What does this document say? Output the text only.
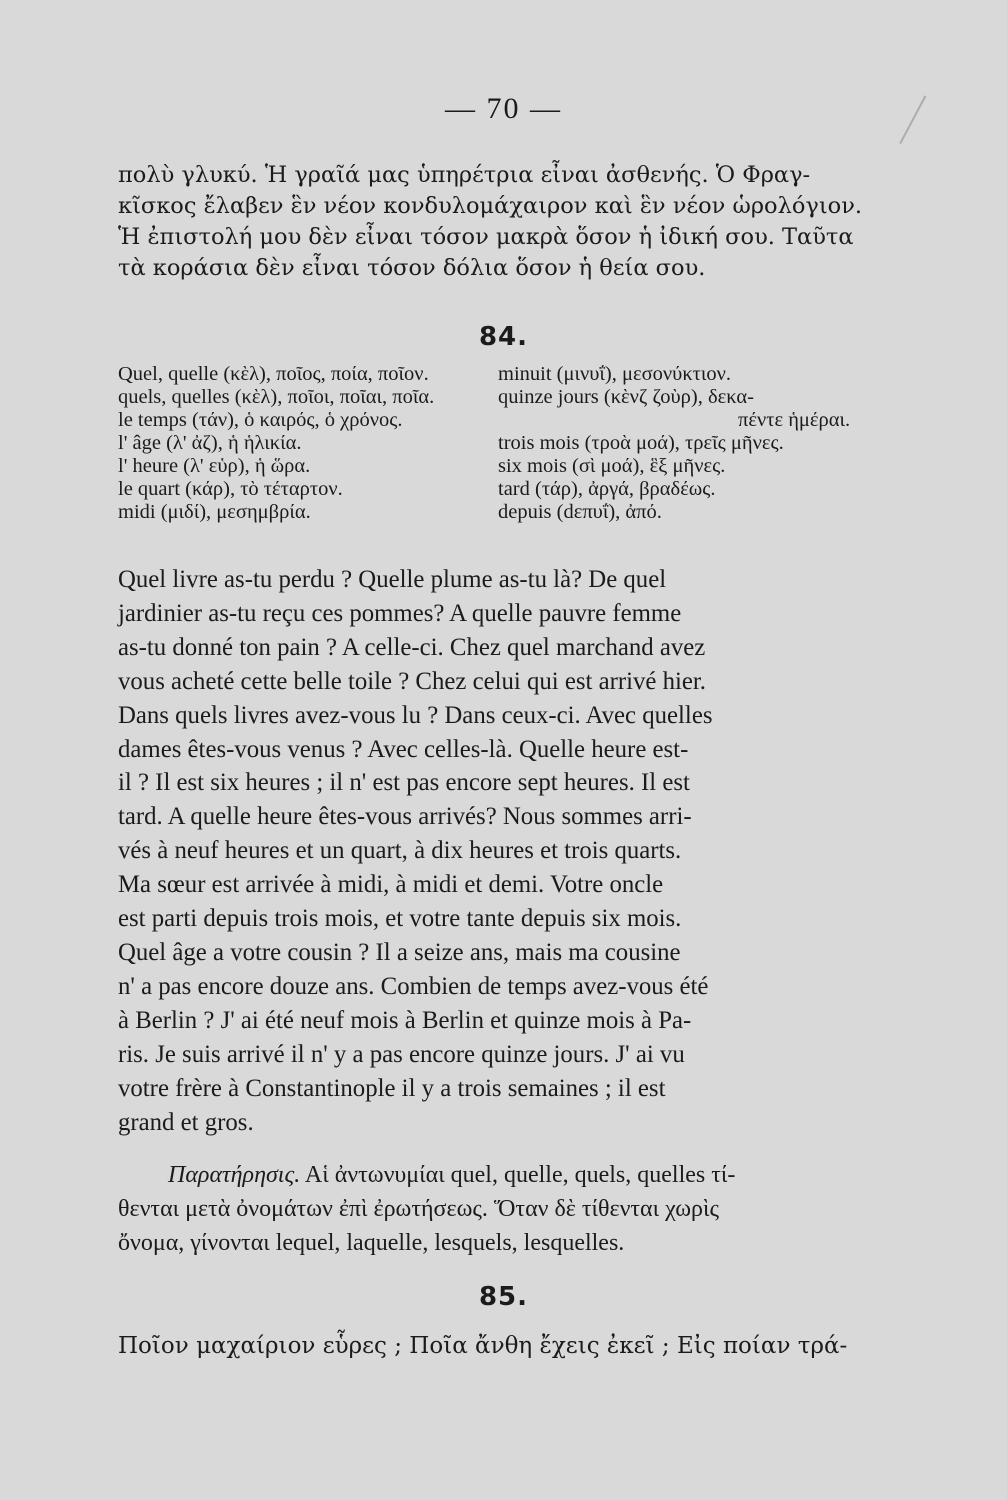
— 70 —
πολὺ γλυκύ. Ἡ γραῖά μας ὑπηρέτρια εἶναι ἀσθενής. Ὁ Φραγ-
κῖσκος ἔλαβεν ἓν νέον κονδυλομάχαιρον καὶ ἓν νέον ὡρολόγιον.
Ἡ ἐπιστολή μου δὲν εἶναι τόσον μακρὰ ὅσον ἡ ἰδική σου. Ταῦτα
τὰ κοράσια δὲν εἶναι τόσον δόλια ὅσον ἡ θεία σου.
84.
Quel, quelle (κὲλ), ποῖος, ποία, ποῖον.
quels, quelles (κὲλ), ποῖοι, ποῖαι, ποῖα.
le temps (τάν), ὁ καιρός, ὁ χρόνος.
l' âge (λ' ἀζ), ἡ ἡλικία.
l' heure (λ' εὑρ), ἡ ὥρα.
le quart (κάρ), τὸ τέταρτον.
midi (μιδί), μεσημβρία.
minuit (μινυΐ), μεσονύκτιον.
quinze jours (κὲνζ ζοὺρ), δεκα-
πέντε ἡμέραι.
trois mois (τροὰ μοά), τρεῖς μῆνες.
six mois (σὶ μοά), ἓξ μῆνες.
tard (τάρ), ἀργά, βραδέως.
depuis (dεπυΐ), ἀπό.
Quel livre as-tu perdu ? Quelle plume as-tu là? De quel
jardinier as-tu reçu ces pommes? A quelle pauvre femme
as-tu donné ton pain ? A celle-ci. Chez quel marchand avez
vous acheté cette belle toile ? Chez celui qui est arrivé hier.
Dans quels livres avez-vous lu ? Dans ceux-ci. Avec quelles
dames êtes-vous venus ? Avec celles-là. Quelle heure est-
il ? Il est six heures ; il n' est pas encore sept heures. Il est
tard. A quelle heure êtes-vous arrivés? Nous sommes arri-
vés à neuf heures et un quart, à dix heures et trois quarts.
Ma sœur est arrivée à midi, à midi et demi. Votre oncle
est parti depuis trois mois, et votre tante depuis six mois.
Quel âge a votre cousin ? Il a seize ans, mais ma cousine
n' a pas encore douze ans. Combien de temps avez-vous été
à Berlin ? J' ai été neuf mois à Berlin et quinze mois à Pa-
ris. Je suis arrivé il n' y a pas encore quinze jours. J' ai vu
votre frère à Constantinople il y a trois semaines ; il est
grand et gros.
Παρατήρησις. Αἱ ἀντωνυμίαι quel, quelle, quels, quelles τί-
θενται μετὰ ὀνομάτων ἐπὶ ἐρωτήσεως. Ὅταν δὲ τίθενται χωρὶς
ὄνομα, γίνονται lequel, laquelle, lesquels, lesquelles.
85.
Ποῖον μαχαίριον εὗρες ; Ποῖα ἄνθη ἔχεις ἐκεῖ ; Εἰς ποίαν τρά-
